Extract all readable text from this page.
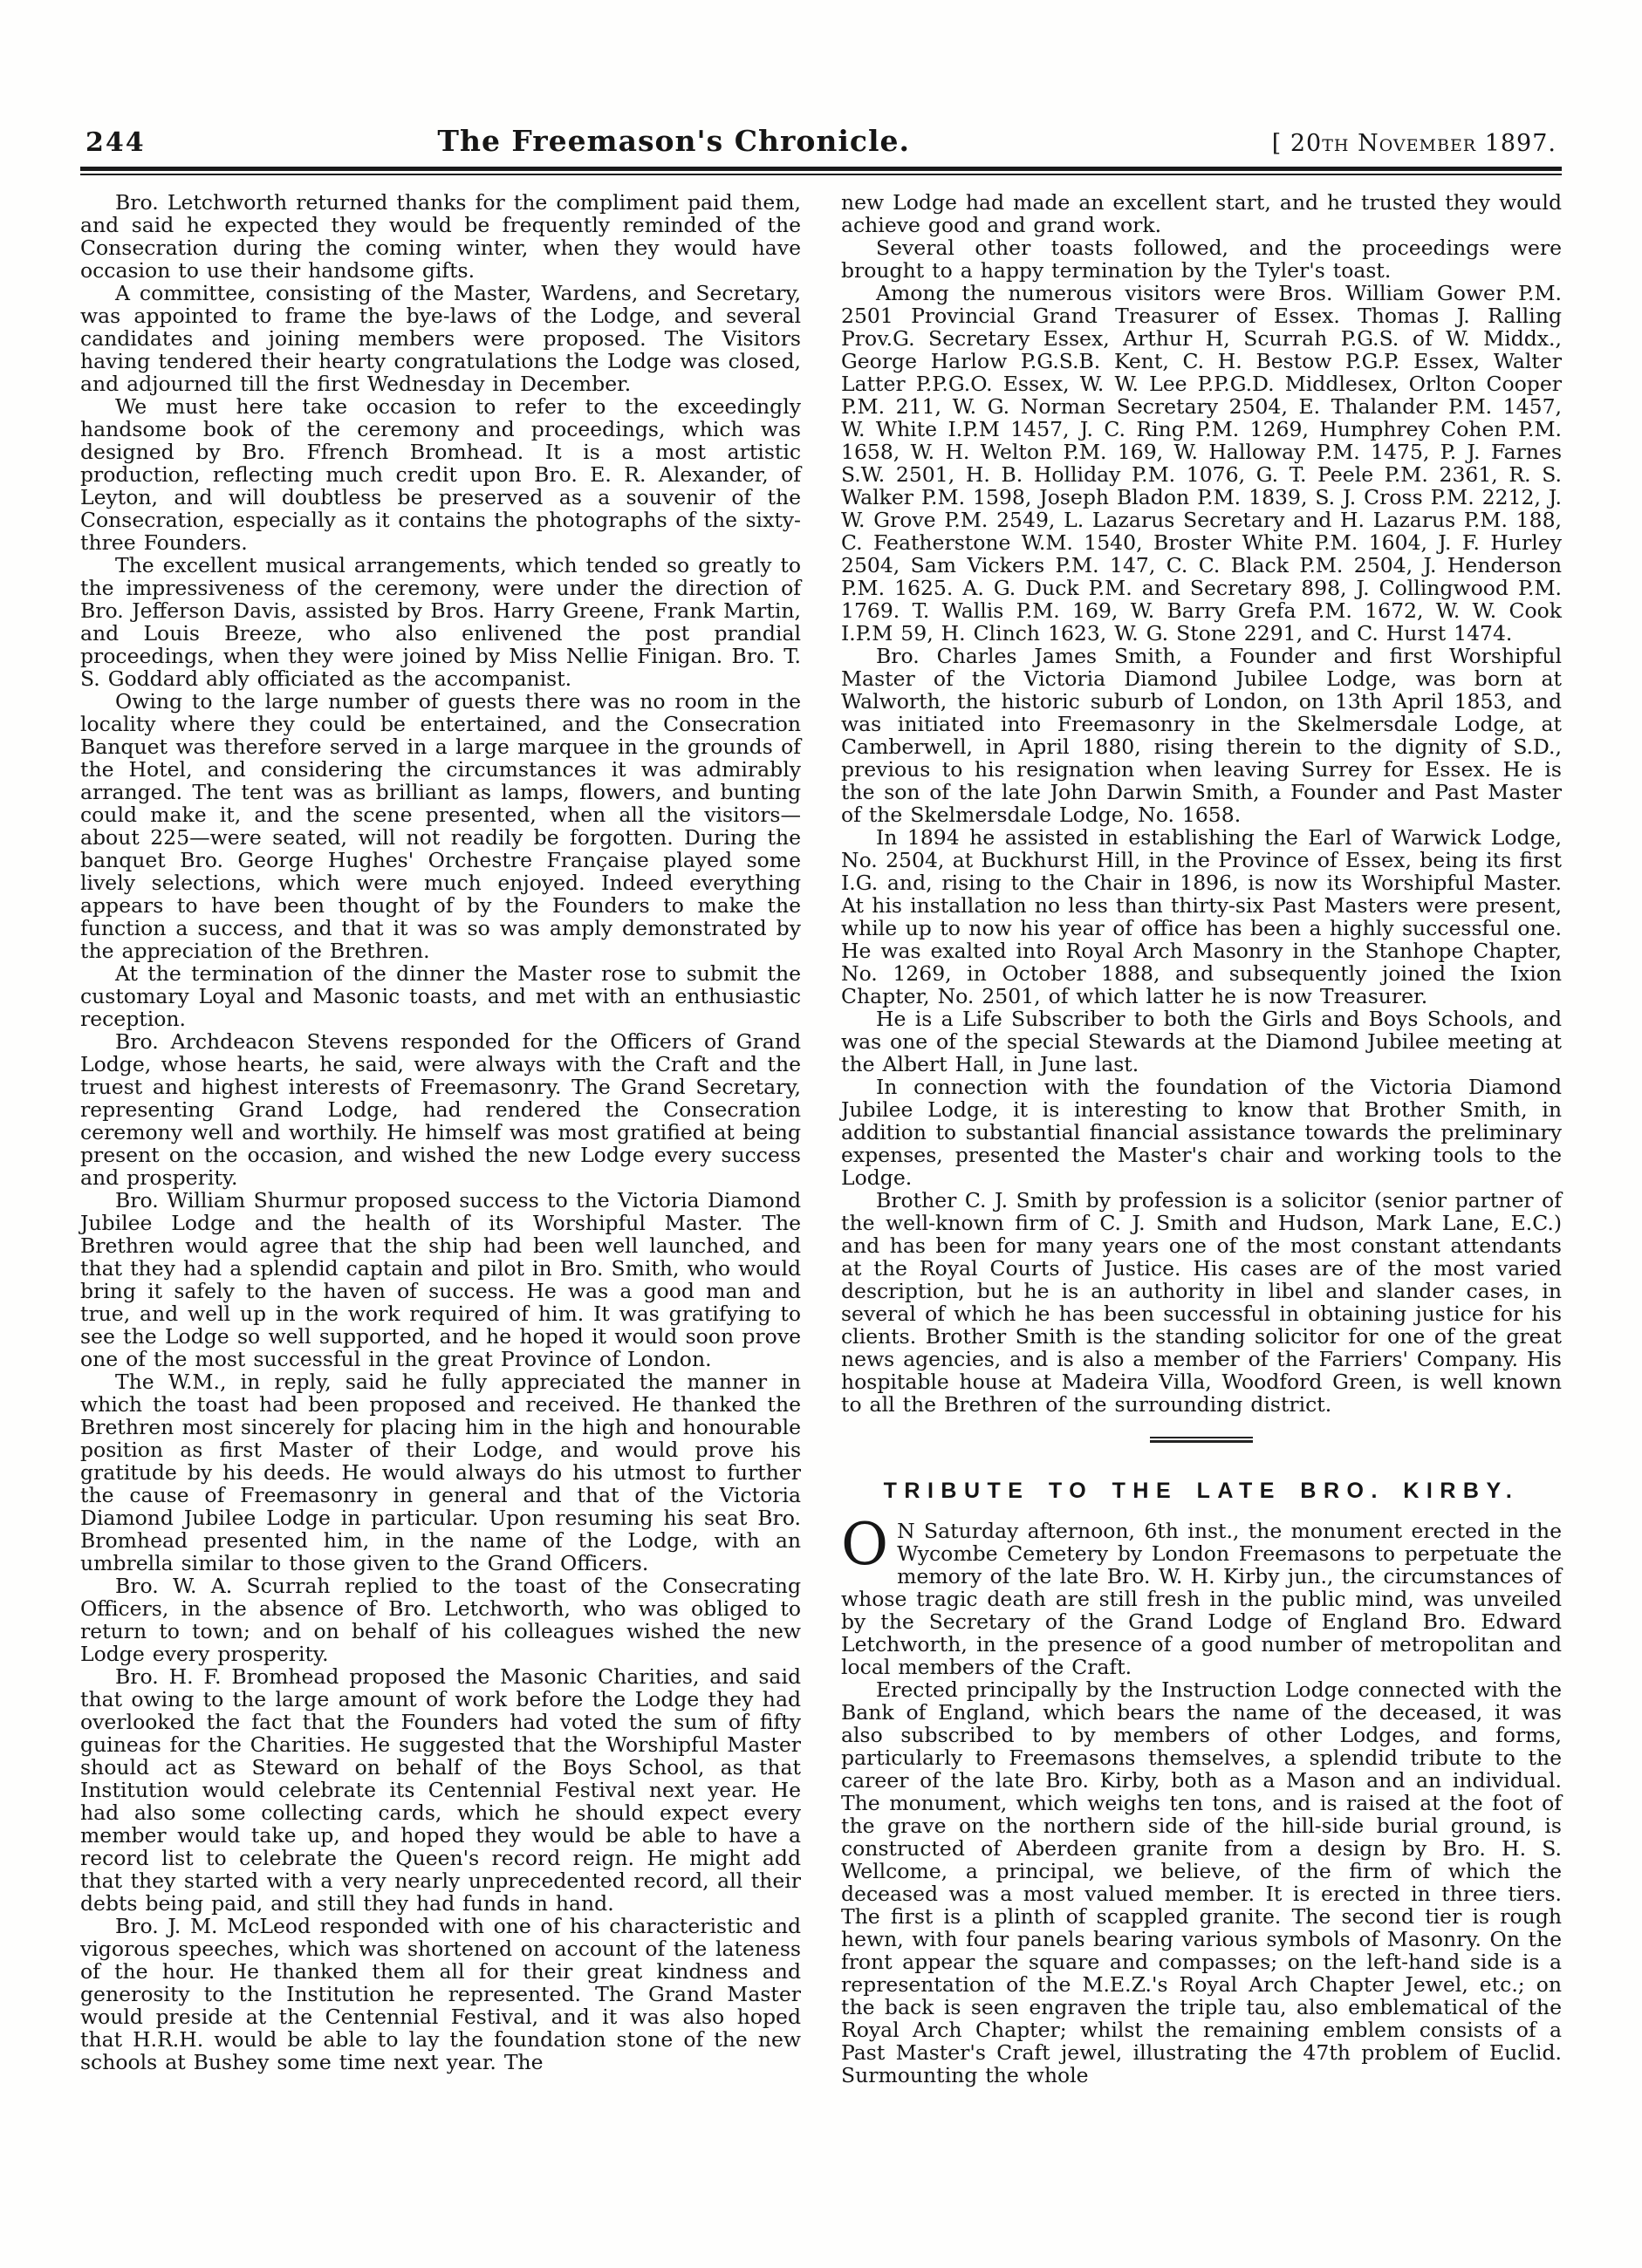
244	The Freemason's Chronicle.	[ 20th November 1897.

Bro. Letchworth returned thanks for the compliment paid them, and said he expected they would be frequently reminded of the Consecration during the coming winter, when they would have occasion to use their handsome gifts.

A committee, consisting of the Master, Wardens, and Secretary, was appointed to frame the bye-laws of the Lodge, and several candidates and joining members were proposed. The Visitors having tendered their hearty congratulations the Lodge was closed, and adjourned till the first Wednesday in December.

We must here take occasion to refer to the exceedingly handsome book of the ceremony and proceedings, which was designed by Bro. Ffrench Bromhead. It is a most artistic production, reflecting much credit upon Bro. E. R. Alexander, of Leyton, and will doubtless be preserved as a souvenir of the Consecration, especially as it contains the photographs of the sixty-three Founders.

The excellent musical arrangements, which tended so greatly to the impressiveness of the ceremony, were under the direction of Bro. Jefferson Davis, assisted by Bros. Harry Greene, Frank Martin, and Louis Breeze, who also enlivened the post prandial proceedings, when they were joined by Miss Nellie Finigan. Bro. T. S. Goddard ably officiated as the accompanist.

Owing to the large number of guests there was no room in the locality where they could be entertained, and the Consecration Banquet was therefore served in a large marquee in the grounds of the Hotel, and considering the circumstances it was admirably arranged. The tent was as brilliant as lamps, flowers, and bunting could make it, and the scene presented, when all the visitors—about 225—were seated, will not readily be forgotten. During the banquet Bro. George Hughes' Orchestre Française played some lively selections, which were much enjoyed. Indeed everything appears to have been thought of by the Founders to make the function a success, and that it was so was amply demonstrated by the appreciation of the Brethren.

At the termination of the dinner the Master rose to submit the customary Loyal and Masonic toasts, and met with an enthusiastic reception.

Bro. Archdeacon Stevens responded for the Officers of Grand Lodge, whose hearts, he said, were always with the Craft and the truest and highest interests of Freemasonry. The Grand Secretary, representing Grand Lodge, had rendered the Consecration ceremony well and worthily. He himself was most gratified at being present on the occasion, and wished the new Lodge every success and prosperity.

Bro. William Shurmur proposed success to the Victoria Diamond Jubilee Lodge and the health of its Worshipful Master. The Brethren would agree that the ship had been well launched, and that they had a splendid captain and pilot in Bro. Smith, who would bring it safely to the haven of success. He was a good man and true, and well up in the work required of him. It was gratifying to see the Lodge so well supported, and he hoped it would soon prove one of the most successful in the great Province of London.

The W.M., in reply, said he fully appreciated the manner in which the toast had been proposed and received. He thanked the Brethren most sincerely for placing him in the high and honourable position as first Master of their Lodge, and would prove his gratitude by his deeds. He would always do his utmost to further the cause of Freemasonry in general and that of the Victoria Diamond Jubilee Lodge in particular. Upon resuming his seat Bro. Bromhead presented him, in the name of the Lodge, with an umbrella similar to those given to the Grand Officers.

Bro. W. A. Scurrah replied to the toast of the Consecrating Officers, in the absence of Bro. Letchworth, who was obliged to return to town; and on behalf of his colleagues wished the new Lodge every prosperity.

Bro. H. F. Bromhead proposed the Masonic Charities, and said that owing to the large amount of work before the Lodge they had overlooked the fact that the Founders had voted the sum of fifty guineas for the Charities. He suggested that the Worshipful Master should act as Steward on behalf of the Boys School, as that Institution would celebrate its Centennial Festival next year. He had also some collecting cards, which he should expect every member would take up, and hoped they would be able to have a record list to celebrate the Queen's record reign. He might add that they started with a very nearly unprecedented record, all their debts being paid, and still they had funds in hand.

Bro. J. M. McLeod responded with one of his characteristic and vigorous speeches, which was shortened on account of the lateness of the hour. He thanked them all for their great kindness and generosity to the Institution he represented. The Grand Master would preside at the Centennial Festival, and it was also hoped that H.R.H. would be able to lay the foundation stone of the new schools at Bushey some time next year. The

new Lodge had made an excellent start, and he trusted they would achieve good and grand work.

Several other toasts followed, and the proceedings were brought to a happy termination by the Tyler's toast.

Among the numerous visitors were Bros. William Gower P.M. 2501 Provincial Grand Treasurer of Essex. Thomas J. Ralling Prov.G. Secretary Essex, Arthur H, Scurrah P.G.S. of W. Middx., George Harlow P.G.S.B. Kent, C. H. Bestow P.G.P. Essex, Walter Latter P.P.G.O. Essex, W. W. Lee P.P.G.D. Middlesex, Orlton Cooper P.M. 211, W. G. Norman Secretary 2504, E. Thalander P.M. 1457, W. White I.P.M 1457, J. C. Ring P.M. 1269, Humphrey Cohen P.M. 1658, W. H. Welton P.M. 169, W. Halloway P.M. 1475, P. J. Farnes S.W. 2501, H. B. Holliday P.M. 1076, G. T. Peele P.M. 2361, R. S. Walker P.M. 1598, Joseph Bladon P.M. 1839, S. J. Cross P.M. 2212, J. W. Grove P.M. 2549, L. Lazarus Secretary and H. Lazarus P.M. 188, C. Featherstone W.M. 1540, Broster White P.M. 1604, J. F. Hurley 2504, Sam Vickers P.M. 147, C. C. Black P.M. 2504, J. Henderson P.M. 1625. A. G. Duck P.M. and Secretary 898, J. Collingwood P.M. 1769. T. Wallis P.M. 169, W. Barry Grefa P.M. 1672, W. W. Cook I.P.M 59, H. Clinch 1623, W. G. Stone 2291, and C. Hurst 1474.

Bro. Charles James Smith, a Founder and first Worshipful Master of the Victoria Diamond Jubilee Lodge, was born at Walworth, the historic suburb of London, on 13th April 1853, and was initiated into Freemasonry in the Skelmersdale Lodge, at Camberwell, in April 1880, rising therein to the dignity of S.D., previous to his resignation when leaving Surrey for Essex. He is the son of the late John Darwin Smith, a Founder and Past Master of the Skelmersdale Lodge, No. 1658.

In 1894 he assisted in establishing the Earl of Warwick Lodge, No. 2504, at Buckhurst Hill, in the Province of Essex, being its first I.G. and, rising to the Chair in 1896, is now its Worshipful Master. At his installation no less than thirty-six Past Masters were present, while up to now his year of office has been a highly successful one. He was exalted into Royal Arch Masonry in the Stanhope Chapter, No. 1269, in October 1888, and subsequently joined the Ixion Chapter, No. 2501, of which latter he is now Treasurer.

He is a Life Subscriber to both the Girls and Boys Schools, and was one of the special Stewards at the Diamond Jubilee meeting at the Albert Hall, in June last.

In connection with the foundation of the Victoria Diamond Jubilee Lodge, it is interesting to know that Brother Smith, in addition to substantial financial assistance towards the preliminary expenses, presented the Master's chair and working tools to the Lodge.

Brother C. J. Smith by profession is a solicitor (senior partner of the well-known firm of C. J. Smith and Hudson, Mark Lane, E.C.) and has been for many years one of the most constant attendants at the Royal Courts of Justice. His cases are of the most varied description, but he is an authority in libel and slander cases, in several of which he has been successful in obtaining justice for his clients. Brother Smith is the standing solicitor for one of the great news agencies, and is also a member of the Farriers' Company. His hospitable house at Madeira Villa, Woodford Green, is well known to all the Brethren of the surrounding district.

TRIBUTE TO THE LATE BRO. KIRBY.

O N Saturday afternoon, 6th inst., the monument erected in the Wycombe Cemetery by London Freemasons to perpetuate the memory of the late Bro. W. H. Kirby jun., the circumstances of whose tragic death are still fresh in the public mind, was unveiled by the Secretary of the Grand Lodge of England Bro. Edward Letchworth, in the presence of a good number of metropolitan and local members of the Craft.

Erected principally by the Instruction Lodge connected with the Bank of England, which bears the name of the deceased, it was also subscribed to by members of other Lodges, and forms, particularly to Freemasons themselves, a splendid tribute to the career of the late Bro. Kirby, both as a Mason and an individual. The monument, which weighs ten tons, and is raised at the foot of the grave on the northern side of the hill-side burial ground, is constructed of Aberdeen granite from a design by Bro. H. S. Wellcome, a principal, we believe, of the firm of which the deceased was a most valued member. It is erected in three tiers. The first is a plinth of scappled granite. The second tier is rough hewn, with four panels bearing various symbols of Masonry. On the front appear the square and compasses; on the left-hand side is a representation of the M.E.Z.'s Royal Arch Chapter Jewel, etc.; on the back is seen engraven the triple tau, also emblematical of the Royal Arch Chapter; whilst the remaining emblem consists of a Past Master's Craft jewel, illustrating the 47th problem of Euclid. Surmounting the whole
